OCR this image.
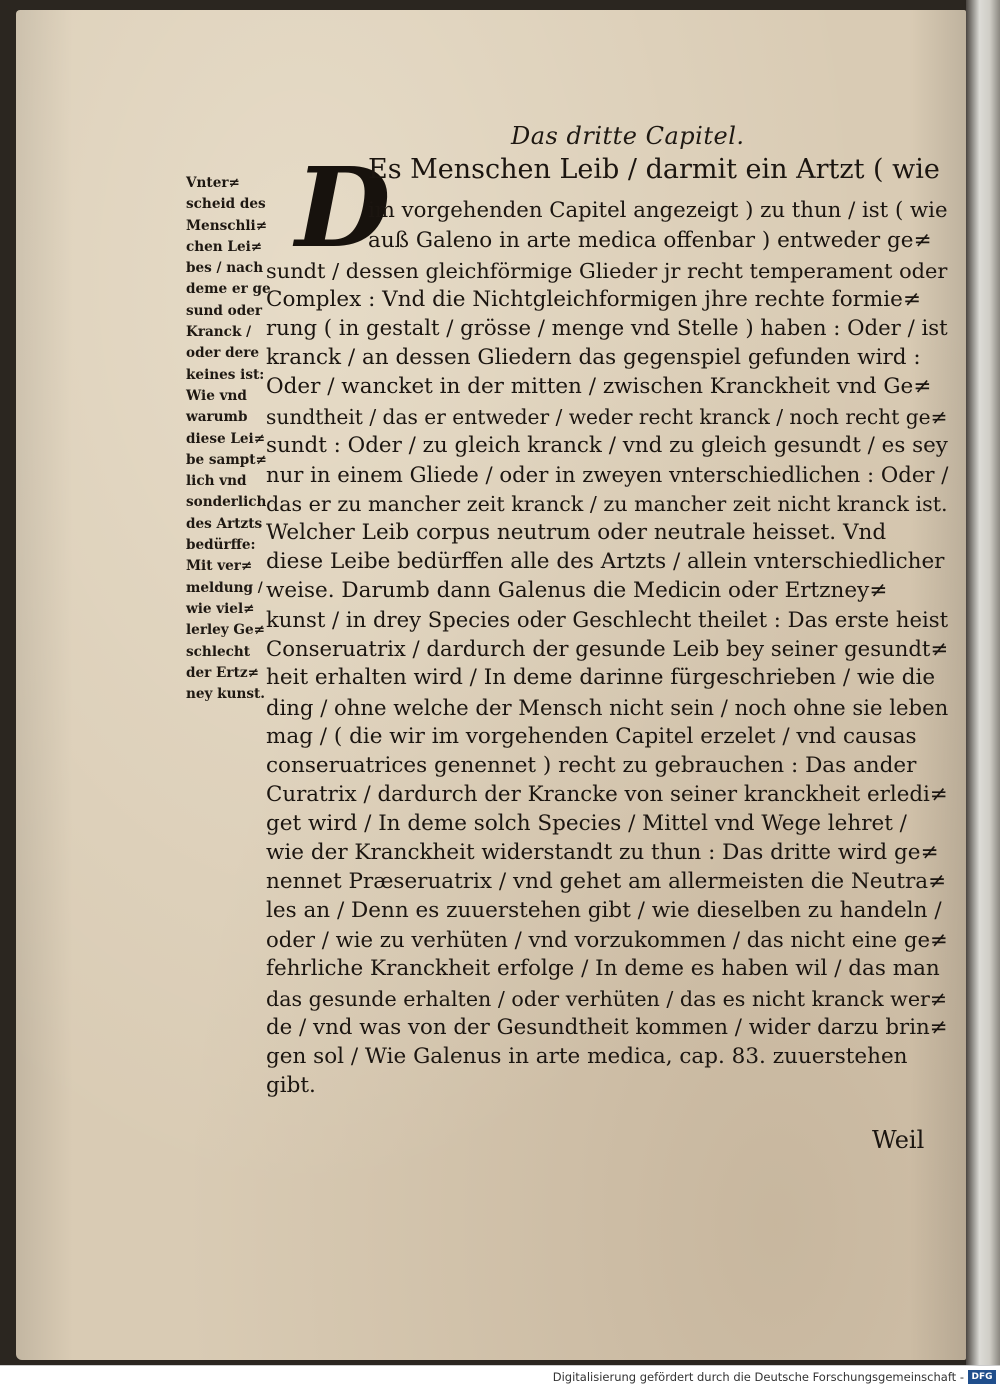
Das dritte Capitel.
D
Vnter≠
scheid des
Menschli≠
chen Lei≠
bes / nach
deme er ge
sund oder
Kranck /
oder dere
keines ist:
Wie vnd
warumb
diese Lei≠
be sampt≠
lich vnd
sonderlich
des Artzts
bedürffe:
Mit ver≠
meldung /
wie viel≠
lerley Ge≠
schlecht
der Ertz≠
ney kunst.
Es Menschen Leib / darmit ein Artzt ( wie
im vorgehenden Capitel angezeigt ) zu thun / ist ( wie
auß Galeno in arte medica offenbar ) entweder ge≠
sundt / dessen gleichförmige Glieder jr recht temperament oder
Complex : Vnd die Nichtgleichformigen jhre rechte formie≠
rung ( in gestalt / grösse / menge vnd Stelle ) haben : Oder / ist
kranck / an dessen Gliedern das gegenspiel gefunden wird :
Oder / wancket in der mitten / zwischen Kranckheit vnd Ge≠
sundtheit / das er entweder / weder recht kranck / noch recht ge≠
sundt : Oder / zu gleich kranck / vnd zu gleich gesundt / es sey
nur in einem Gliede / oder in zweyen vnterschiedlichen : Oder /
das er zu mancher zeit kranck / zu mancher zeit nicht kranck ist.
Welcher Leib corpus neutrum oder neutrale heisset. Vnd
diese Leibe bedürffen alle des Artzts / allein vnterschiedlicher
weise. Darumb dann Galenus die Medicin oder Ertzney≠
kunst / in drey Species oder Geschlecht theilet : Das erste heist
Conseruatrix / dardurch der gesunde Leib bey seiner gesundt≠
heit erhalten wird / In deme darinne fürgeschrieben / wie die
ding / ohne welche der Mensch nicht sein / noch ohne sie leben
mag / ( die wir im vorgehenden Capitel erzelet / vnd causas
conseruatrices genennet ) recht zu gebrauchen : Das ander
Curatrix / dardurch der Krancke von seiner kranckheit erledi≠
get wird / In deme solch Species / Mittel vnd Wege lehret /
wie der Kranckheit widerstandt zu thun : Das dritte wird ge≠
nennet Præseruatrix / vnd gehet am allermeisten die Neutra≠
les an / Denn es zuuerstehen gibt / wie dieselben zu handeln /
oder / wie zu verhüten / vnd vorzukommen / das nicht eine ge≠
fehrliche Kranckheit erfolge / In deme es haben wil / das man
das gesunde erhalten / oder verhüten / das es nicht kranck wer≠
de / vnd was von der Gesundtheit kommen / wider darzu brin≠
gen sol / Wie Galenus in arte medica, cap. 83. zuuerstehen
gibt.
Weil
Digitalisierung gefördert durch die Deutsche Forschungsgemeinschaft - DFG
